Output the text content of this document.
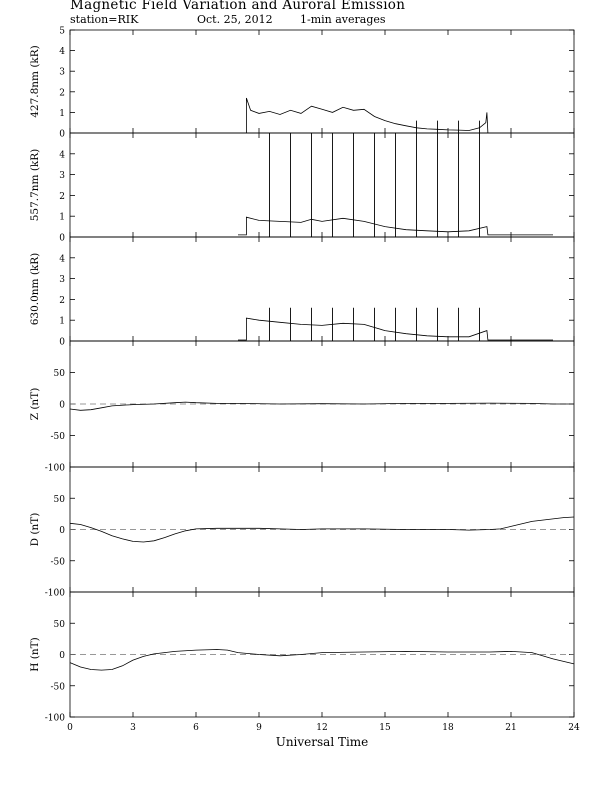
Magnetic Field Variation and Auroral Emission
station=RIK	Oct. 25, 2012 1-min averages
0
1
2
3
4
5
427.8nm (kR)
0
1
2
3
4
557.7nm (kR)
0
1
2
3
4
630.0nm (kR)
-100
-50
0
50
Z (nT)
-100
-50
0
50
D (nT)
-100
-50
0
50
H (nT)
0	3	6	9	12	15	18	21	24
Universal Time
